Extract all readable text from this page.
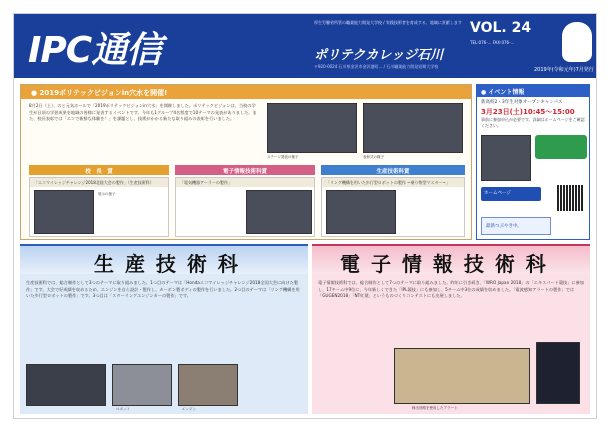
IPC通信
厚生労働省所管の職業能力開発大学校 / 実践技術者を育成する、地域に貢献します
ポリテクカレッジ石川
〒920-0024 石川県金沢市金沢港町... / 石川職業能力開発短期大学校
VOL. 24
TEL:076-... FAX:076-...
2019年(令和元年)7月発行
● 2019ポリテックビジョンin穴水を開催!
8月2日（土）、のと元気ホールで「2019ポリテックビジョンin穴水」を開催しました。ポリテックビジョンは、当校の学生が日頃の学習成果を地域の皆様に発表するイベントです。今年も1グループ4名程度で10テーマの発表がありました。また、校長表彰では「エコで新鮮な体験を！」を課題とし、技術がかかる新たな取り組みの表彰を行いました。
ステージ発表の様子	表彰式の様子
校　長　賞	電子情報技術科賞	生産技術科賞
「エコマイレッジチャレンジ2018北陸大会の製作」（生産技術科）
展示の様子
「電気機器アーラーの製作」	「リング機構を用いた歩行型ロボットの製作 ~乗り物型マスター~」
● イベント情報
新高校2・3年生対象オープンキャンパス
3月23日(土)10:45～15:00
事前に参加申込が必要です。詳細はホームページをご確認ください。
ホームページ
最新つぶやき中。
生 産 技 術 科
生産技術科では、総合制作として3つのテーマに取り組みました。1つ目のテーマは「Hondaエコマイレッジチャレンジ2018全国大会に向けた製作」です。大会で好成績を収めるため、エンジンを自ら設計・製作し、カーボン製ボディの製作を行いました。2つ目のテーマは「リング機構を用いた歩行型ロボットの製作」です。3つ目は「スターリングエンジンカーの製作」です。
ロボット	エンジン
電 子 情 報 技 術 科
電子情報技術科では、総合制作として7つのテーマに取り組みました。昨年に引き続き、「WRO Japan 2018」の「エキスパート競技」に参加し、17チーム中9位に、今年新しくできた「IPL競技」にも参加し、5チーム中3位の成績を収めました。「電波感知アラートの製作」では「GUGEN2018」「NT紅葉」というものづくりコンテストにも出展しました。
検出回路を使用したアラート
